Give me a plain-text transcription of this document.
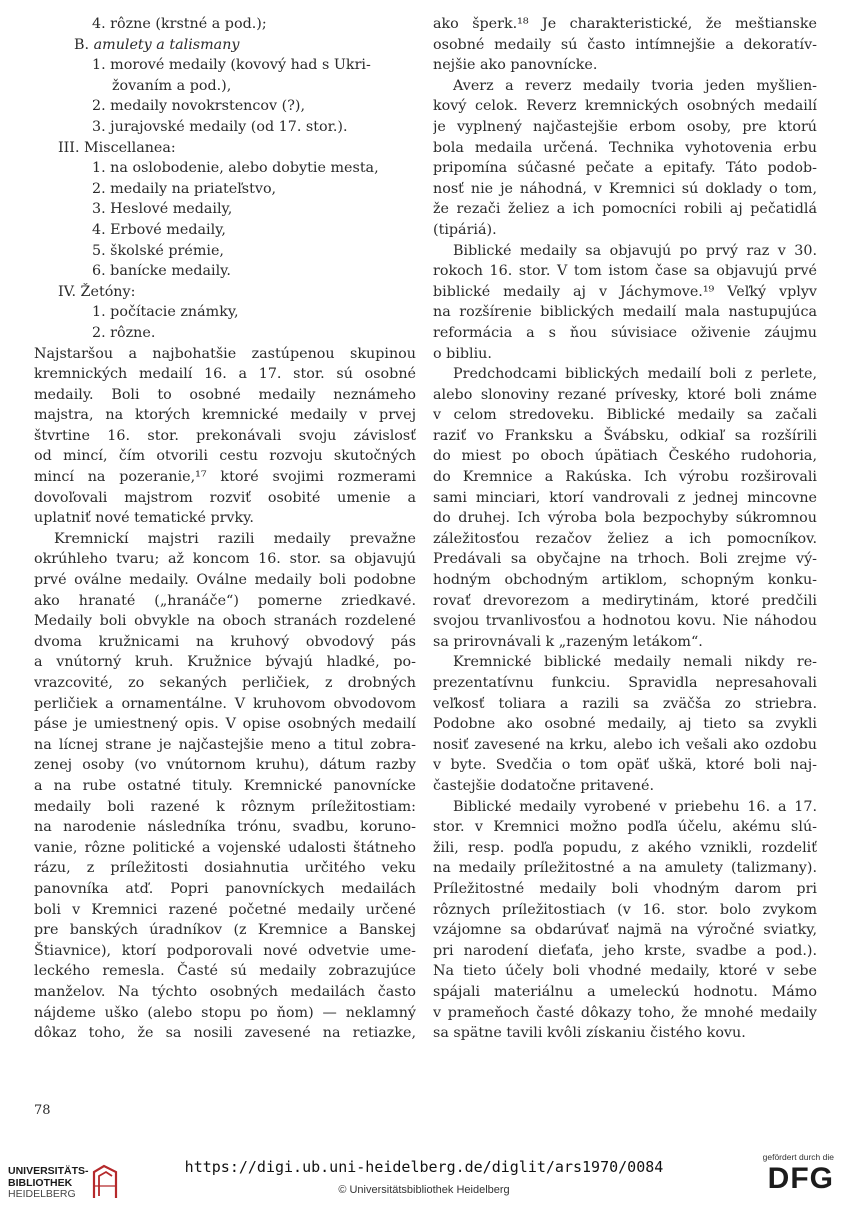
4. rôzne (krstné a pod.);
B. amulety a talismany
1. morové medaily (kovový had s Ukri-
žovaním a pod.),
2. medaily novokrstencov (?),
3. jurajovské medaily (od 17. stor.).
III. Miscellanea:
1. na oslobodenie, alebo dobytie mesta,
2. medaily na priateľstvo,
3. Heslové medaily,
4. Erbové medaily,
5. školské prémie,
6. banícke medaily.
IV. Žetóny:
1. počítacie známky,
2. rôzne.
Najstaršou a najbohatšie zastúpenou skupinou
kremnických medailí 16. a 17. stor. sú osobné
medaily. Boli to osobné medaily neznámeho
majstra, na ktorých kremnické medaily v prvej
štvrtine 16. stor. prekonávali svoju závislosť
od mincí, čím otvorili cestu rozvoju skutočných
mincí na pozeranie,¹⁷ ktoré svojimi rozmerami
dovoľovali majstrom rozviť osobité umenie a
uplatniť nové tematické prvky.
Kremnickí majstri razili medaily prevažne
okrúhleho tvaru; až koncom 16. stor. sa objavujú
prvé oválne medaily. Oválne medaily boli podobne
ako hranaté („hranáče“) pomerne zriedkavé.
Medaily boli obvykle na oboch stranách rozdelené
dvoma kružnicami na kruhový obvodový pás
a vnútorný kruh. Kružnice bývajú hladké, po-
vrazcovité, zo sekaných perličiek, z drobných
perličiek a ornamentálne. V kruhovom obvodovom
páse je umiestnený opis. V opise osobných medailí
na lícnej strane je najčastejšie meno a titul zobra-
zenej osoby (vo vnútornom kruhu), dátum razby
a na rube ostatné tituly. Kremnické panovnícke
medaily boli razené k rôznym príležitostiam:
na narodenie následníka trónu, svadbu, koruno-
vanie, rôzne politické a vojenské udalosti štátneho
rázu, z príležitosti dosiahnutia určitého veku
panovníka atď. Popri panovníckych medailách
boli v Kremnici razené početné medaily určené
pre banských úradníkov (z Kremnice a Banskej
Štiavnice), ktorí podporovali nové odvetvie ume-
leckého remesla. Časté sú medaily zobrazujúce
manželov. Na týchto osobných medailách často
nájdeme uško (alebo stopu po ňom) — neklamný
dôkaz toho, že sa nosili zavesené na retiazke,
ako šperk.¹⁸ Je charakteristické, že meštianske
osobné medaily sú často intímnejšie a dekoratív-
nejšie ako panovnícke.
Averz a reverz medaily tvoria jeden myšlien-
kový celok. Reverz kremnických osobných medailí
je vyplnený najčastejšie erbom osoby, pre ktorú
bola medaila určená. Technika vyhotovenia erbu
pripomína súčasné pečate a epitafy. Táto podob-
nosť nie je náhodná, v Kremnici sú doklady o tom,
že rezači želiez a ich pomocníci robili aj pečatidlá
(tipáriá).
Biblické medaily sa objavujú po prvý raz v 30.
rokoch 16. stor. V tom istom čase sa objavujú prvé
biblické medaily aj v Jáchymove.¹⁹ Veľký vplyv
na rozšírenie biblických medailí mala nastupujúca
reformácia a s ňou súvisiace oživenie záujmu
o bibliu.
Predchodcami biblických medailí boli z perlete,
alebo slonoviny rezané prívesky, ktoré boli známe
v celom stredoveku. Biblické medaily sa začali
raziť vo Franksku a Švábsku, odkiaľ sa rozšírili
do miest po oboch úpätiach Českého rudohoria,
do Kremnice a Rakúska. Ich výrobu rozširovali
sami minciari, ktorí vandrovali z jednej mincovne
do druhej. Ich výroba bola bezpochyby súkromnou
záležitosťou rezačov želiez a ich pomocníkov.
Predávali sa obyčajne na trhoch. Boli zrejme vý-
hodným obchodným artiklom, schopným konku-
rovať drevorezom a medirytinám, ktoré predčili
svojou trvanlivosťou a hodnotou kovu. Nie náhodou
sa prirovnávali k „razeným letákom“.
Kremnické biblické medaily nemali nikdy re-
prezentatívnu funkciu. Spravidla nepresahovali
veľkosť toliara a razili sa zväčša zo striebra.
Podobne ako osobné medaily, aj tieto sa zvykli
nosiť zavesené na krku, alebo ich vešali ako ozdobu
v byte. Svedčia o tom opäť uškä, ktoré boli naj-
častejšie dodatočne pritavené.
Biblické medaily vyrobené v priebehu 16. a 17.
stor. v Kremnici možno podľa účelu, akému slú-
žili, resp. podľa popudu, z akého vznikli, rozdeliť
na medaily príležitostné a na amulety (talizmany).
Príležitostné medaily boli vhodným darom pri
rôznych príležitostiach (v 16. stor. bolo zvykom
vzájomne sa obdarúvať najmä na výročné sviatky,
pri narodení dieťaťa, jeho krste, svadbe a pod.).
Na tieto účely boli vhodné medaily, ktoré v sebe
spájali materiálnu a umeleckú hodnotu. Mámo
v prameňoch časté dôkazy toho, že mnohé medaily
sa spätne tavili kvôli získaniu čistého kovu.
78
UNIVERSITÄTS-
BIBLIOTHEK
HEIDELBERG
https://digi.ub.uni-heidelberg.de/diglit/ars1970/0084
© Universitätsbibliothek Heidelberg
gefördert durch die
DFG
